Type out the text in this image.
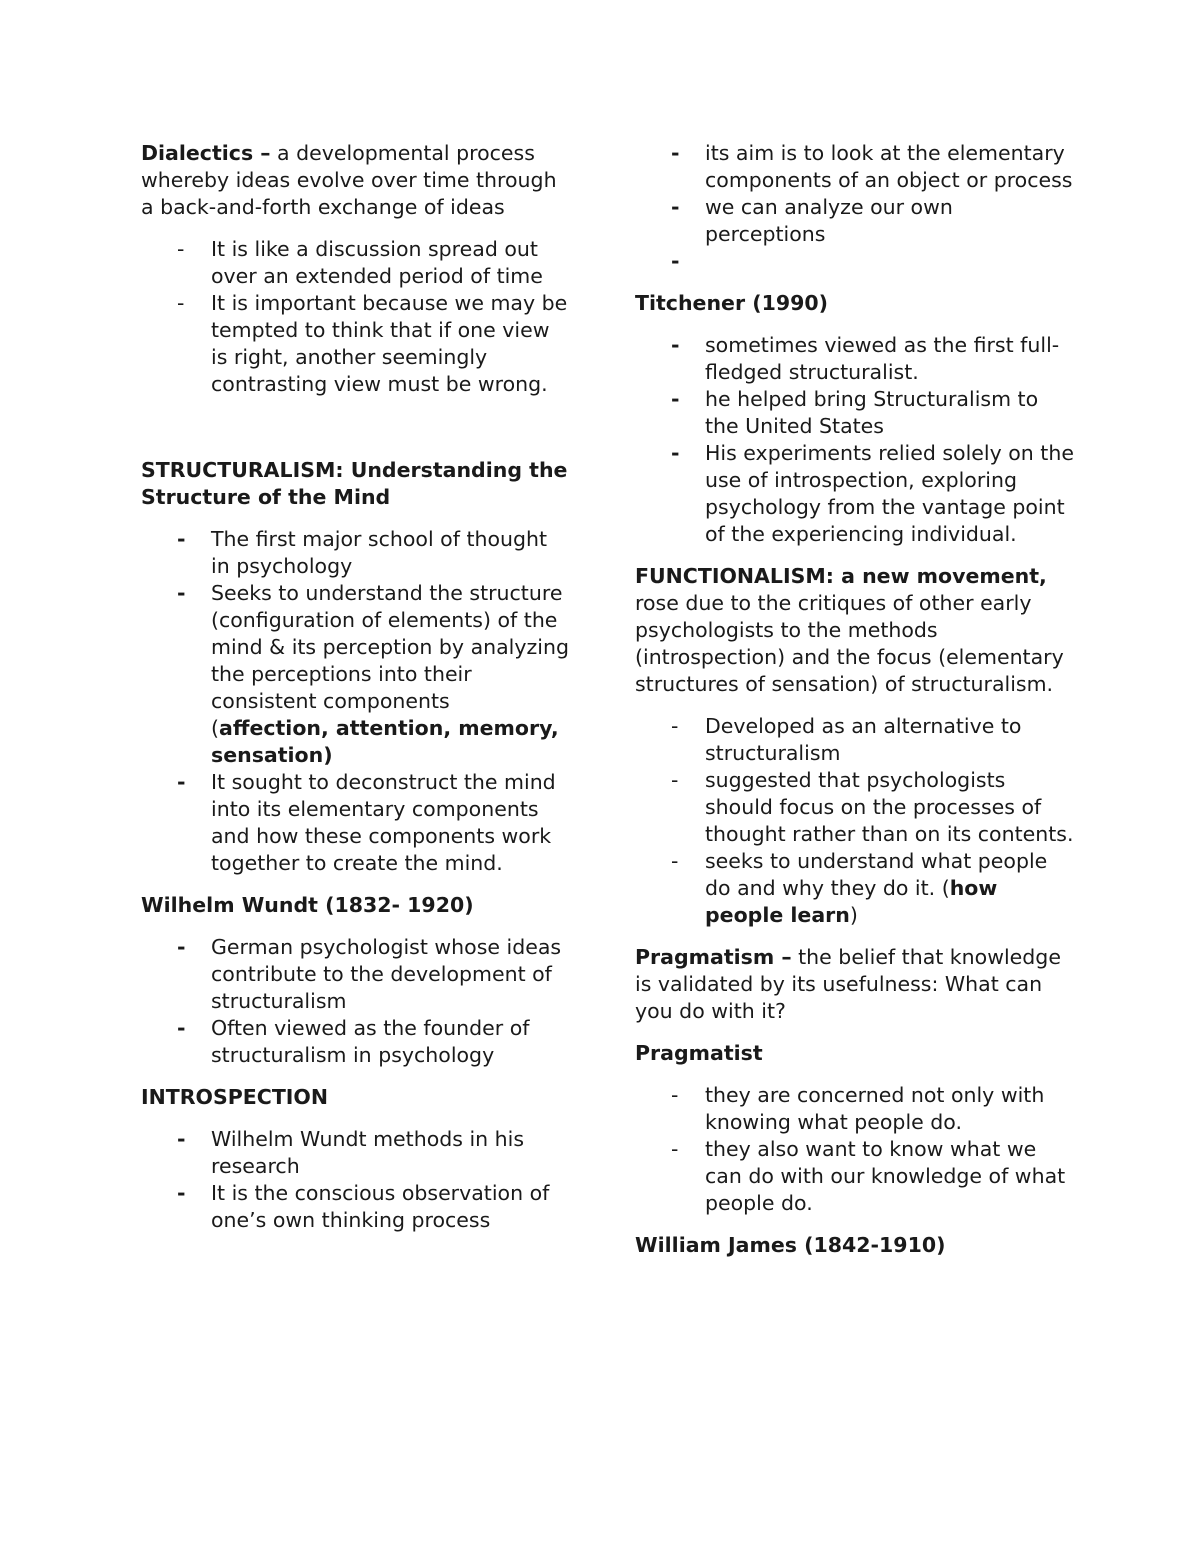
Dialectics – a developmental process whereby ideas evolve over time through a back-and-forth exchange of ideas

- It is like a discussion spread out over an extended period of time
- It is important because we may be tempted to think that if one view is right, another seemingly contrasting view must be wrong.

STRUCTURALISM: Understanding the Structure of the Mind

- The first major school of thought in psychology
- Seeks to understand the structure (configuration of elements) of the mind & its perception by analyzing the perceptions into their consistent components (affection, attention, memory, sensation)
- It sought to deconstruct the mind into its elementary components and how these components work together to create the mind.

Wilhelm Wundt (1832- 1920)

- German psychologist whose ideas contribute to the development of structuralism
- Often viewed as the founder of structuralism in psychology

INTROSPECTION

- Wilhelm Wundt methods in his research
- It is the conscious observation of one’s own thinking process
- its aim is to look at the elementary components of an object or process
- we can analyze our own perceptions
-

Titchener (1990)

- sometimes viewed as the first full-fledged structuralist.
- he helped bring Structuralism to the United States
- His experiments relied solely on the use of introspection, exploring psychology from the vantage point of the experiencing individual.

FUNCTIONALISM: a new movement, rose due to the critiques of other early psychologists to the methods (introspection) and the focus (elementary structures of sensation) of structuralism.

- Developed as an alternative to structuralism
- suggested that psychologists should focus on the processes of thought rather than on its contents.
- seeks to understand what people do and why they do it. (how people learn)

Pragmatism – the belief that knowledge is validated by its usefulness: What can you do with it?

Pragmatist

- they are concerned not only with knowing what people do.
- they also want to know what we can do with our knowledge of what people do.

William James (1842-1910)
